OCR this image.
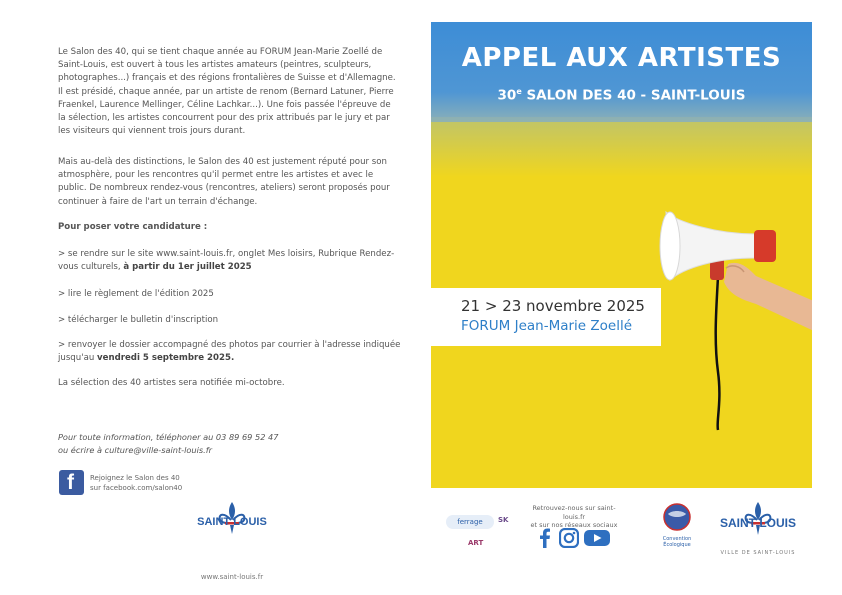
Le Salon des 40, qui se tient chaque année au FORUM Jean-Marie Zoellé de Saint-Louis, est ouvert à tous les artistes amateurs (peintres, sculpteurs, photographes...) français et des régions frontalières de Suisse et d'Allemagne. Il est présidé, chaque année, par un artiste de renom (Bernard Latuner, Pierre Fraenkel, Laurence Mellinger, Céline Lachkar...). Une fois passée l'épreuve de la sélection, les artistes concourrent pour des prix attribués par le jury et par les visiteurs qui viennent trois jours durant.

Mais au-delà des distinctions, le Salon des 40 est justement réputé pour son atmosphère, pour les rencontres qu'il permet entre les artistes et avec le public. De nombreux rendez-vous (rencontres, ateliers) seront proposés pour continuer à faire de l'art un terrain d'échange.

Pour poser votre candidature :

> se rendre sur le site www.saint-louis.fr, onglet Mes loisirs, Rubrique Rendez-vous culturels, à partir du 1er juillet 2025

> lire le règlement de l'édition 2025

> télécharger le bulletin d'inscription

> renvoyer le dossier accompagné des photos par courrier à l'adresse indiquée jusqu'au vendredi 5 septembre 2025.

La sélection des 40 artistes sera notifiée mi-octobre.
Pour toute information, téléphoner au 03 89 69 52 47
ou écrire à culture@ville-saint-louis.fr
f Rejoignez le Salon des 40
sur facebook.com/salon40
SAINT LOUIS
www.saint-louis.fr
APPEL AUX ARTISTES
30e SALON DES 40 - SAINT-LOUIS
21 > 23 novembre 2025
FORUM Jean-Marie Zoellé
ferrage	SK
ART
Retrouvez-nous sur saint-louis.fr
et sur nos réseaux sociaux
Convention Écologique
SAINT LOUIS
VILLE DE SAINT-LOUIS
